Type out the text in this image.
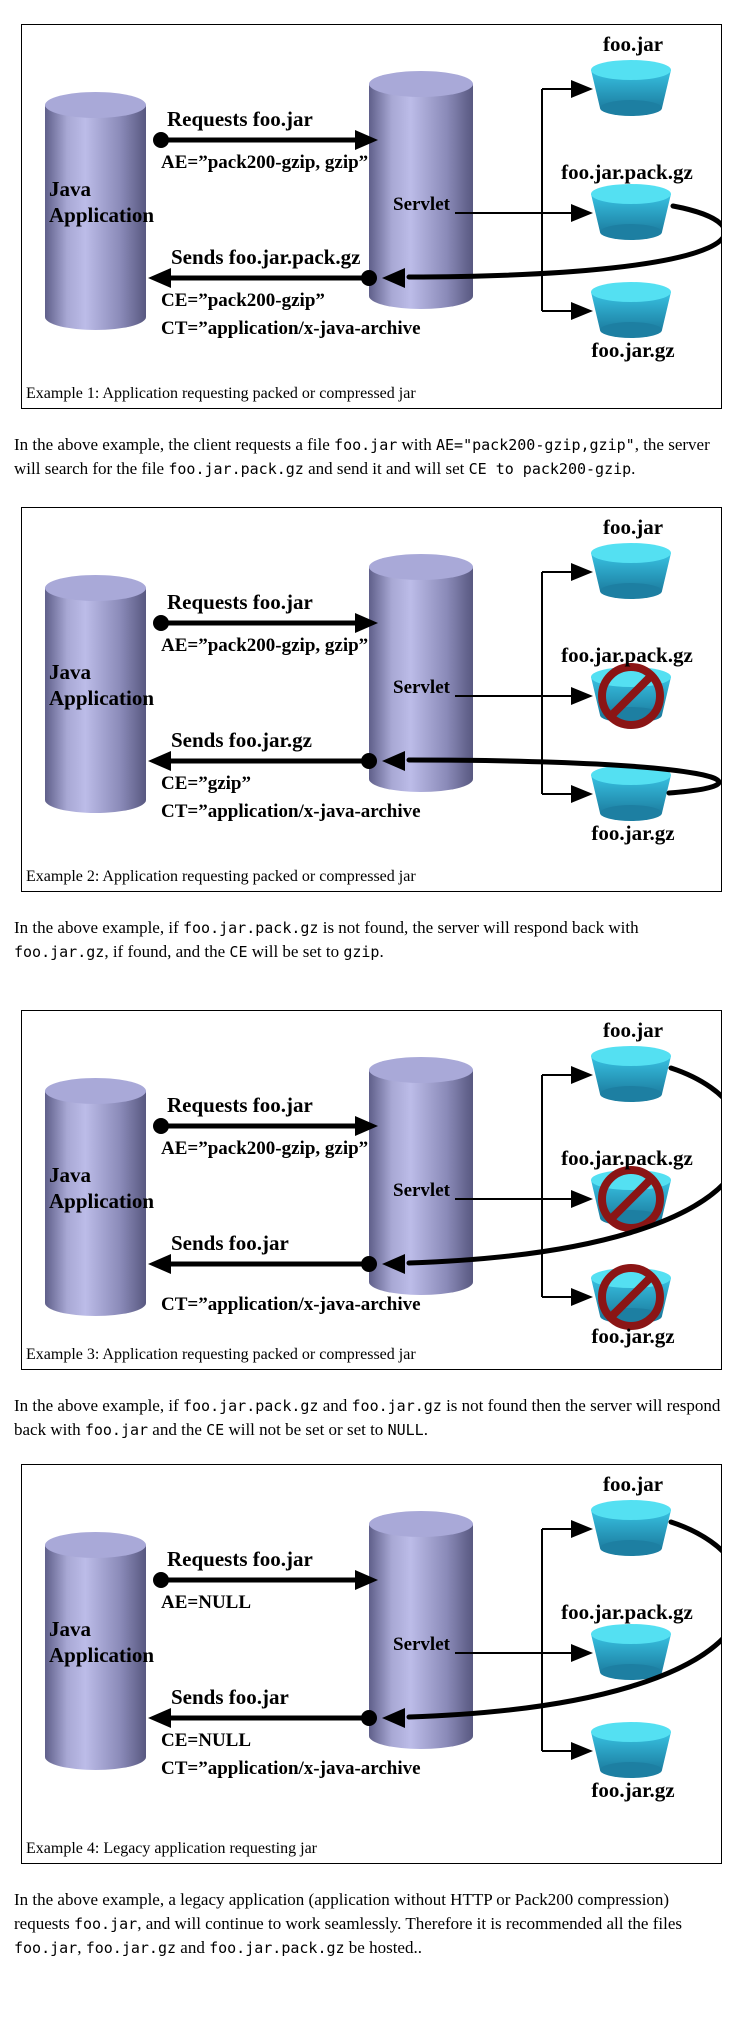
Java
Application	Servlet
Requests foo.jar
AE=”pack200-gzip, gzip”
Sends foo.jar.pack.gz
CE=”pack200-gzip”
CT=”application/x-java-archive
foo.jar
foo.jar.pack.gz
foo.jar.gz
Example 1: Application requesting packed or compressed jar

In the above example, the client requests a file foo.jar with AE="pack200-gzip,gzip", the server will search for the file foo.jar.pack.gz and send it and will set CE to pack200-gzip.

Java
Application	Servlet
Requests foo.jar
AE=”pack200-gzip, gzip”
Sends foo.jar.gz
CE=”gzip”
CT=”application/x-java-archive
foo.jar
foo.jar.pack.gz
foo.jar.gz
Example 2: Application requesting packed or compressed jar

In the above example, if foo.jar.pack.gz is not found, the server will respond back with foo.jar.gz, if found, and the CE will be set to gzip.

Java
Application	Servlet
Requests foo.jar
AE=”pack200-gzip, gzip”
Sends foo.jar
CT=”application/x-java-archive
foo.jar
foo.jar.pack.gz
foo.jar.gz
Example 3: Application requesting packed or compressed jar

In the above example, if foo.jar.pack.gz and foo.jar.gz is not found then the server will respond back with foo.jar and the CE will not be set or set to NULL.

Java
Application	Servlet
Requests foo.jar
AE=NULL
Sends foo.jar
CE=NULL
CT=”application/x-java-archive
foo.jar
foo.jar.pack.gz
foo.jar.gz
Example 4: Legacy application requesting jar

In the above example, a legacy application (application without HTTP or Pack200 compression) requests foo.jar, and will continue to work seamlessly. Therefore it is recommended all the files foo.jar, foo.jar.gz and foo.jar.pack.gz be hosted..
